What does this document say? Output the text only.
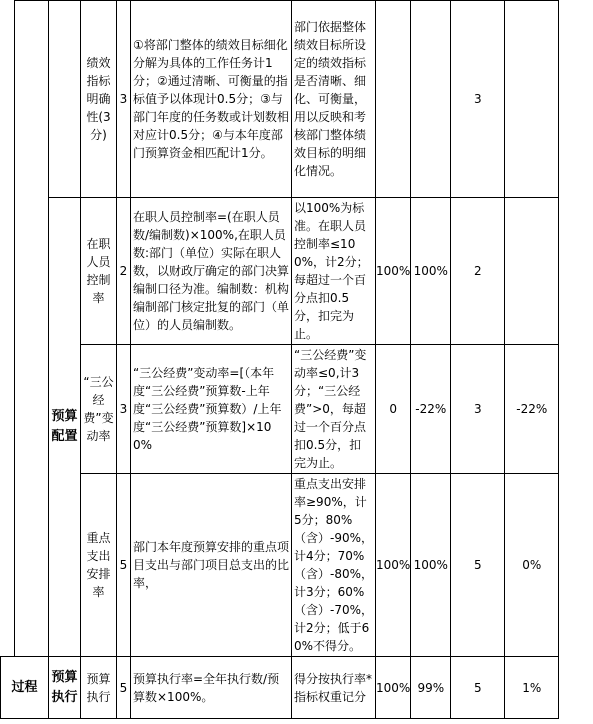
			绩效指标明确性(3分)	3	①将部门整体的绩效目标细化分解为具体的工作任务计1分；②通过清晰、可衡量的指标值予以体现计0.5分；③与部门年度的任务数或计划数相对应计0.5分；④与本年度部门预算资金相匹配计1分。	部门依据整体绩效目标所设定的绩效指标是否清晰、细化、可衡量，用以反映和考核部门整体绩效目标的明细化情况。			3	
		预算配置	在职人员控制率	2	在职人员控制率=(在职人员数/编制数)×100%,在职人员数:部门（单位）实际在职人数，以财政厅确定的部门决算编制口径为准。编制数：机构编制部门核定批复的部门（单位）的人员编制数。	以100%为标准。在职人员控制率≤100%，计2分；每超过一个百分点扣0.5分，扣完为止。	100%	100%	2	
			“三公经费”变动率	3	“三公经费”变动率=[（本年度“三公经费”预算数-上年度“三公经费”预算数）/上年度“三公经费”预算数]×100%	“三公经费”变动率≤0,计3分；“三公经费”>0，每超过一个百分点扣0.5分，扣完为止。	0	-22%	3	-22%
			重点支出安排率	5	部门本年度预算安排的重点项目支出与部门项目总支出的比率，	重点支出安排率≥90%，计5分；80%（含）-90%，计4分；70%（含）-80%，计3分；60%（含）-70%，计2分；低于60%不得分。	100%	100%	5	0%
过程		预算执行	预算执行	5	预算执行率=全年执行数/预算数×100%。	得分按执行率*指标权重记分	100%	99%	5	1%
